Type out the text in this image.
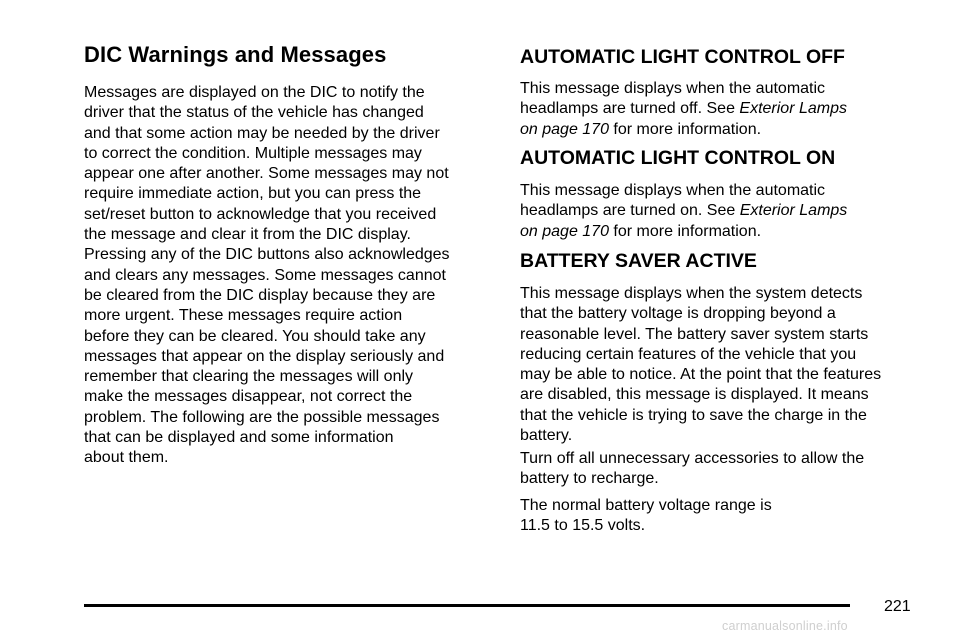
DIC Warnings and Messages

Messages are displayed on the DIC to notify the
driver that the status of the vehicle has changed
and that some action may be needed by the driver
to correct the condition. Multiple messages may
appear one after another. Some messages may not
require immediate action, but you can press the
set/reset button to acknowledge that you received
the message and clear it from the DIC display.
Pressing any of the DIC buttons also acknowledges
and clears any messages. Some messages cannot
be cleared from the DIC display because they are
more urgent. These messages require action
before they can be cleared. You should take any
messages that appear on the display seriously and
remember that clearing the messages will only
make the messages disappear, not correct the
problem. The following are the possible messages
that can be displayed and some information
about them.

AUTOMATIC LIGHT CONTROL OFF

This message displays when the automatic
headlamps are turned off. See Exterior Lamps
on page 170 for more information.

AUTOMATIC LIGHT CONTROL ON

This message displays when the automatic
headlamps are turned on. See Exterior Lamps
on page 170 for more information.

BATTERY SAVER ACTIVE

This message displays when the system detects
that the battery voltage is dropping beyond a
reasonable level. The battery saver system starts
reducing certain features of the vehicle that you
may be able to notice. At the point that the features
are disabled, this message is displayed. It means
that the vehicle is trying to save the charge in the
battery.

Turn off all unnecessary accessories to allow the
battery to recharge.

The normal battery voltage range is
11.5 to 15.5 volts.

221
carmanualsonline.info
